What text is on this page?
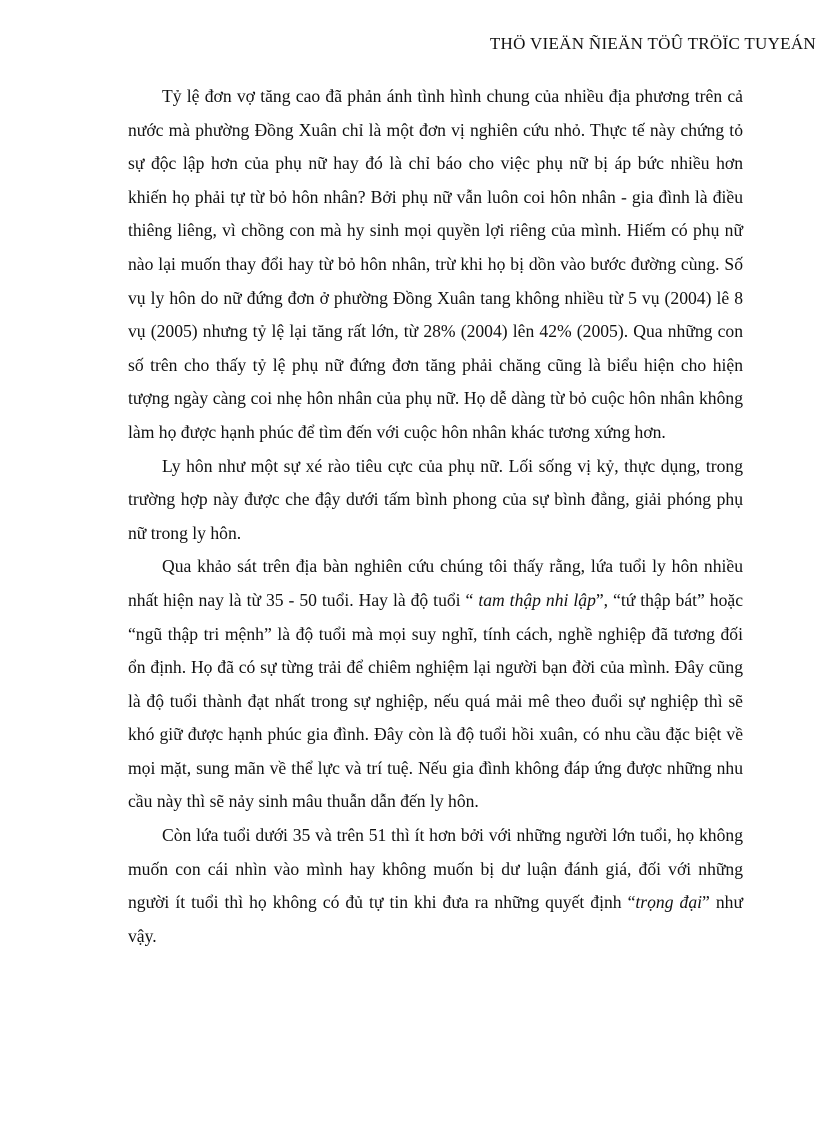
THÖ VIEÄN ÑIEÄN TÖÛ TRÖÏC TUYEÁN

Tỷ lệ đơn vợ tăng cao đã phản ánh tình hình chung của nhiều địa phương trên cả nước mà phường Đồng Xuân chỉ là một đơn vị nghiên cứu nhỏ. Thực tế này chứng tỏ sự độc lập hơn của phụ nữ hay đó là chỉ báo cho việc phụ nữ bị áp bức nhiều hơn khiến họ phải tự từ bỏ hôn nhân? Bởi phụ nữ vẫn luôn coi hôn nhân - gia đình là điều thiêng liêng, vì chồng con mà hy sinh mọi quyền lợi riêng của mình. Hiếm có phụ nữ nào lại muốn thay đổi hay từ bỏ hôn nhân, trừ khi họ bị dồn vào bước đường cùng. Số vụ ly hôn do nữ đứng đơn ở phường Đồng Xuân tang không nhiều từ 5 vụ (2004) lê 8 vụ (2005) nhưng tỷ lệ lại tăng rất lớn, từ 28% (2004) lên 42% (2005). Qua những con số trên cho thấy tỷ lệ phụ nữ đứng đơn tăng phải chăng cũng là biểu hiện cho hiện tượng ngày càng coi nhẹ hôn nhân của phụ nữ. Họ dễ dàng từ bỏ cuộc hôn nhân không làm họ được hạnh phúc để tìm đến với cuộc hôn nhân khác tương xứng hơn.

Ly hôn như một sự xé rào tiêu cực của phụ nữ. Lối sống vị kỷ, thực dụng, trong trường hợp này được che đậy dưới tấm bình phong của sự bình đẳng, giải phóng phụ nữ trong ly hôn.

Qua khảo sát trên địa bàn nghiên cứu chúng tôi thấy rằng, lứa tuổi ly hôn nhiều nhất hiện nay là từ 35 - 50 tuổi. Hay là độ tuổi “ tam thập nhi lập”, “tứ thập bát” hoặc “ngũ thập tri mệnh” là độ tuổi mà mọi suy nghĩ, tính cách, nghề nghiệp đã tương đối ổn định. Họ đã có sự từng trải để chiêm nghiệm lại người bạn đời của mình. Đây cũng là độ tuổi thành đạt nhất trong sự nghiệp, nếu quá mải mê theo đuổi sự nghiệp thì sẽ khó giữ được hạnh phúc gia đình. Đây còn là độ tuổi hồi xuân, có nhu cầu đặc biệt về mọi mặt, sung mãn về thể lực và trí tuệ. Nếu gia đình không đáp ứng được những nhu cầu này thì sẽ nảy sinh mâu thuẫn dẫn đến ly hôn.

Còn lứa tuổi dưới 35 và trên 51 thì ít hơn bởi với những người lớn tuổi, họ không muốn con cái nhìn vào mình hay không muốn bị dư luận đánh giá, đối với những người ít tuổi thì họ không có đủ tự tin khi đưa ra những quyết định “trọng đại” như vậy.
